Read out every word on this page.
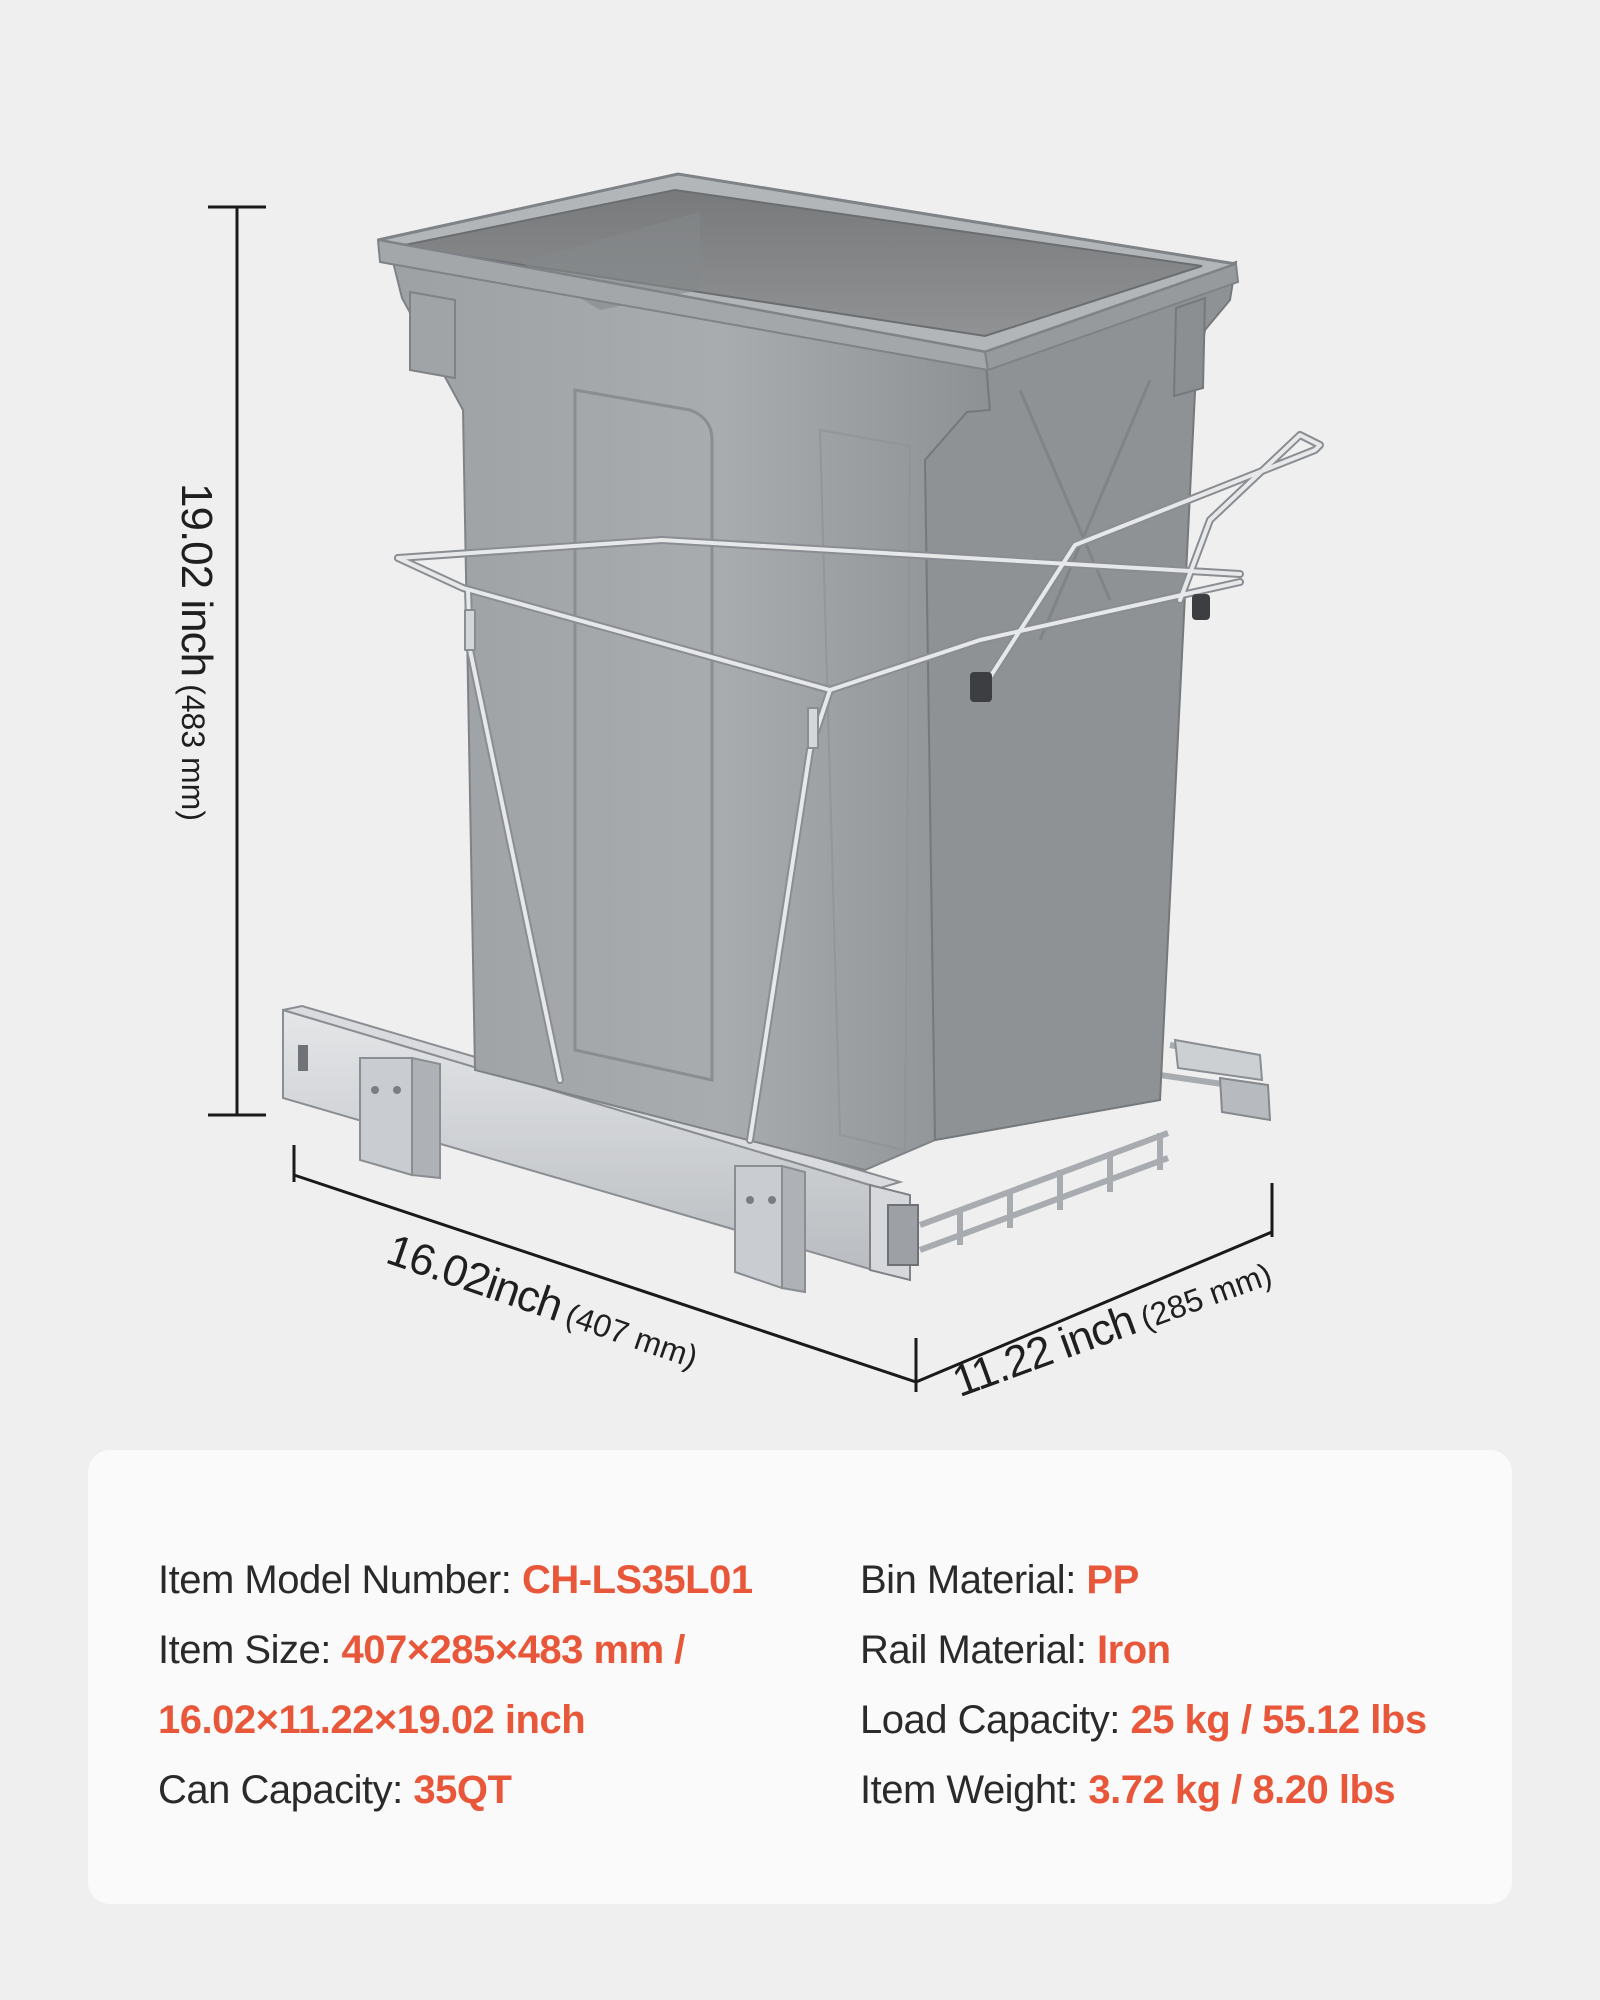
19.02 inch(483 mm)
16.02inch(407 mm)	11.22 inch(285 mm)
Item Model Number: CH-LS35L01
Item Size: 407×285×483 mm /
16.02×11.22×19.02 inch
Can Capacity: 35QT
Bin Material: PP
Rail Material: Iron
Load Capacity: 25 kg / 55.12 lbs
Item Weight: 3.72 kg / 8.20 lbs
